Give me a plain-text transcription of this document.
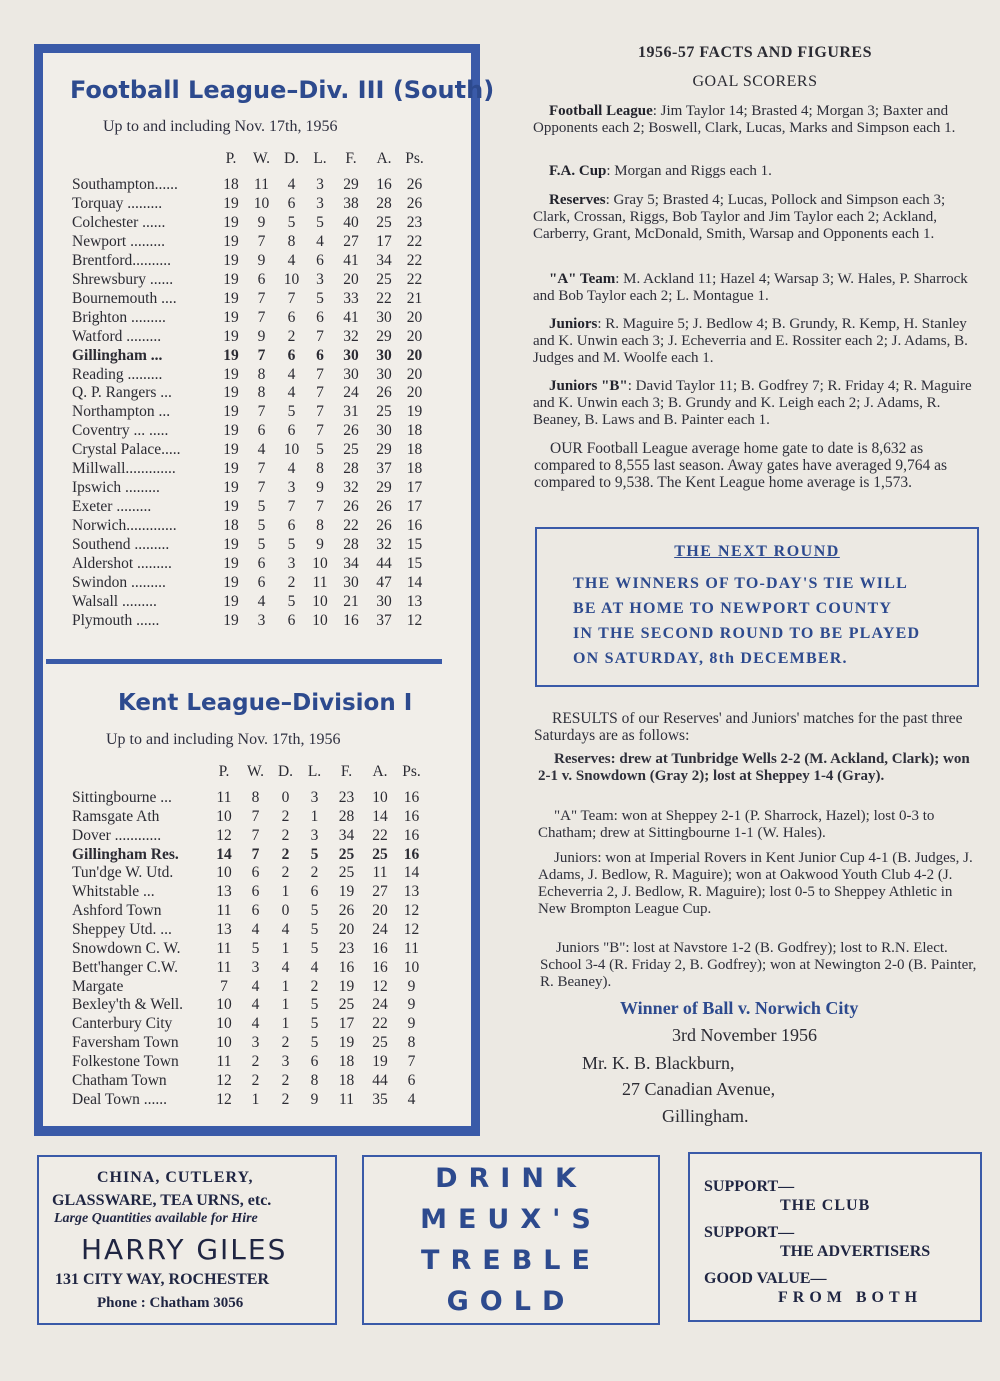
Football League–Div. III (South)
Up to and including Nov. 17th, 1956
P.	W. D. L.	F.	A. Ps.
Southampton......	18 11	4	3	29	16 26
Torquay .........	19 10	6	3	38	28 26
Colchester ......	19	9	5	5	40	25 23
Newport .........	19	7	8	4	27	17 22
Brentford..........	19	9	4	6	41	34 22
Shrewsbury ......	19	6	10	3	20	25 22
Bournemouth ....	19	7	7	5	33	22 21
Brighton .........	19	7	6	6	41	30 20
Watford .........	19	9	2	7	32	29 20
Gillingham ...	19	7	6	6	30	30 20
Reading .........	19	8	4	7	30	30 20
Q. P. Rangers ...	19	8	4	7	24	26 20
Northampton ...	19	7	5	7	31	25 19
Coventry ... .....	19	6	6	7	26	30 18
Crystal Palace.....	19	4	10	5	25	29 18
Millwall.............	19	7	4	8	28	37 18
Ipswich .........	19	7	3	9	32	29 17
Exeter .........	19	5	7	7	26	26 17
Norwich.............	18	5	6	8	22	26 16
Southend .........	19	5	5	9	28	32 15
Aldershot .........	19	6	3	10	34	44 15
Swindon .........	19	6	2	11	30	47 14
Walsall .........	19	4	5	10	21	30 13
Plymouth ......	19	3	6	10	16	37 12
Kent League–Division I
Up to and including Nov. 17th, 1956
P.	W. D. L.	F.	A. Ps.
Sittingbourne ...	11	8	0	3	23	10	16
Ramsgate Ath	10	7	2	1	28	14	16
Dover ............	12	7	2	3	34	22	16
Gillingham Res.	14	7	2	5	25	25	16
Tun'dge W. Utd.	10	6	2	2	25	11	14
Whitstable ...	13	6	1	6	19	27	13
Ashford Town	11	6	0	5	26	20	12
Sheppey Utd. ...	13	4	4	5	20	24	12
Snowdown C. W.	11	5	1	5	23	16	11
Bett'hanger C.W.	11	3	4	4	16	16	10
Margate	7	4	1	2	19	12	9
Bexley'th & Well.	10	4	1	5	25	24	9
Canterbury City	10	4	1	5	17	22	9
Faversham Town	10	3	2	5	19	25	8
Folkestone Town	11	2	3	6	18	19	7
Chatham Town	12	2	2	8	18	44	6
Deal Town ......	12	1	2	9	11	35	4
1956-57 FACTS AND FIGURES
GOAL SCORERS
Football League: Jim Taylor 14; Brasted 4; Morgan 3; Baxter and Opponents each 2; Boswell, Clark, Lucas, Marks and Simpson each 1.
F.A. Cup: Morgan and Riggs each 1.
Reserves: Gray 5; Brasted 4; Lucas, Pollock and Simpson each 3; Clark, Crossan, Riggs, Bob Taylor and Jim Taylor each 2; Ackland, Carberry, Grant, McDonald, Smith, Warsap and Opponents each 1.
"A" Team: M. Ackland 11; Hazel 4; Warsap 3; W. Hales, P. Sharrock and Bob Taylor each 2; L. Montague 1.
Juniors: R. Maguire 5; J. Bedlow 4; B. Grundy, R. Kemp, H. Stanley and K. Unwin each 3; J. Echeverria and E. Rossiter each 2; J. Adams, B. Judges and M. Woolfe each 1.
Juniors "B": David Taylor 11; B. Godfrey 7; R. Friday 4; R. Maguire and K. Unwin each 3; B. Grundy and K. Leigh each 2; J. Adams, R. Beaney, B. Laws and B. Painter each 1.
OUR Football League average home gate to date is 8,632 as compared to 8,555 last season. Away gates have averaged 9,764 as compared to 9,538. The Kent League home average is 1,573.
THE NEXT ROUND
THE WINNERS OF TO-DAY'S TIE WILL
BE AT HOME TO NEWPORT COUNTY
IN THE SECOND ROUND TO BE PLAYED
ON SATURDAY, 8th DECEMBER.
RESULTS of our Reserves' and Juniors' matches for the past three Saturdays are as follows:
Reserves: drew at Tunbridge Wells 2-2 (M. Ackland, Clark); won 2-1 v. Snowdown (Gray 2); lost at Sheppey 1-4 (Gray).
"A" Team: won at Sheppey 2-1 (P. Sharrock, Hazel); lost 0-3 to Chatham; drew at Sittingbourne 1-1 (W. Hales).
Juniors: won at Imperial Rovers in Kent Junior Cup 4-1 (B. Judges, J. Adams, J. Bedlow, R. Maguire); won at Oakwood Youth Club 4-2 (J. Echeverria 2, J. Bedlow, R. Maguire); lost 0-5 to Sheppey Athletic in New Brompton League Cup.
Juniors "B": lost at Navstore 1-2 (B. Godfrey); lost to R.N. Elect. School 3-4 (R. Friday 2, B. Godfrey); won at Newington 2-0 (B. Painter, R. Beaney).
Winner of Ball v. Norwich City
3rd November 1956
Mr. K. B. Blackburn,
27 Canadian Avenue,
Gillingham.
CHINA, CUTLERY,
GLASSWARE, TEA URNS, etc.
Large Quantities available for Hire
HARRY GILES
131 CITY WAY, ROCHESTER
Phone : Chatham 3056
DRINK
MEUX'S
TREBLE
GOLD
SUPPORT—
THE CLUB
SUPPORT—
THE ADVERTISERS
GOOD VALUE—
FROM BOTH
